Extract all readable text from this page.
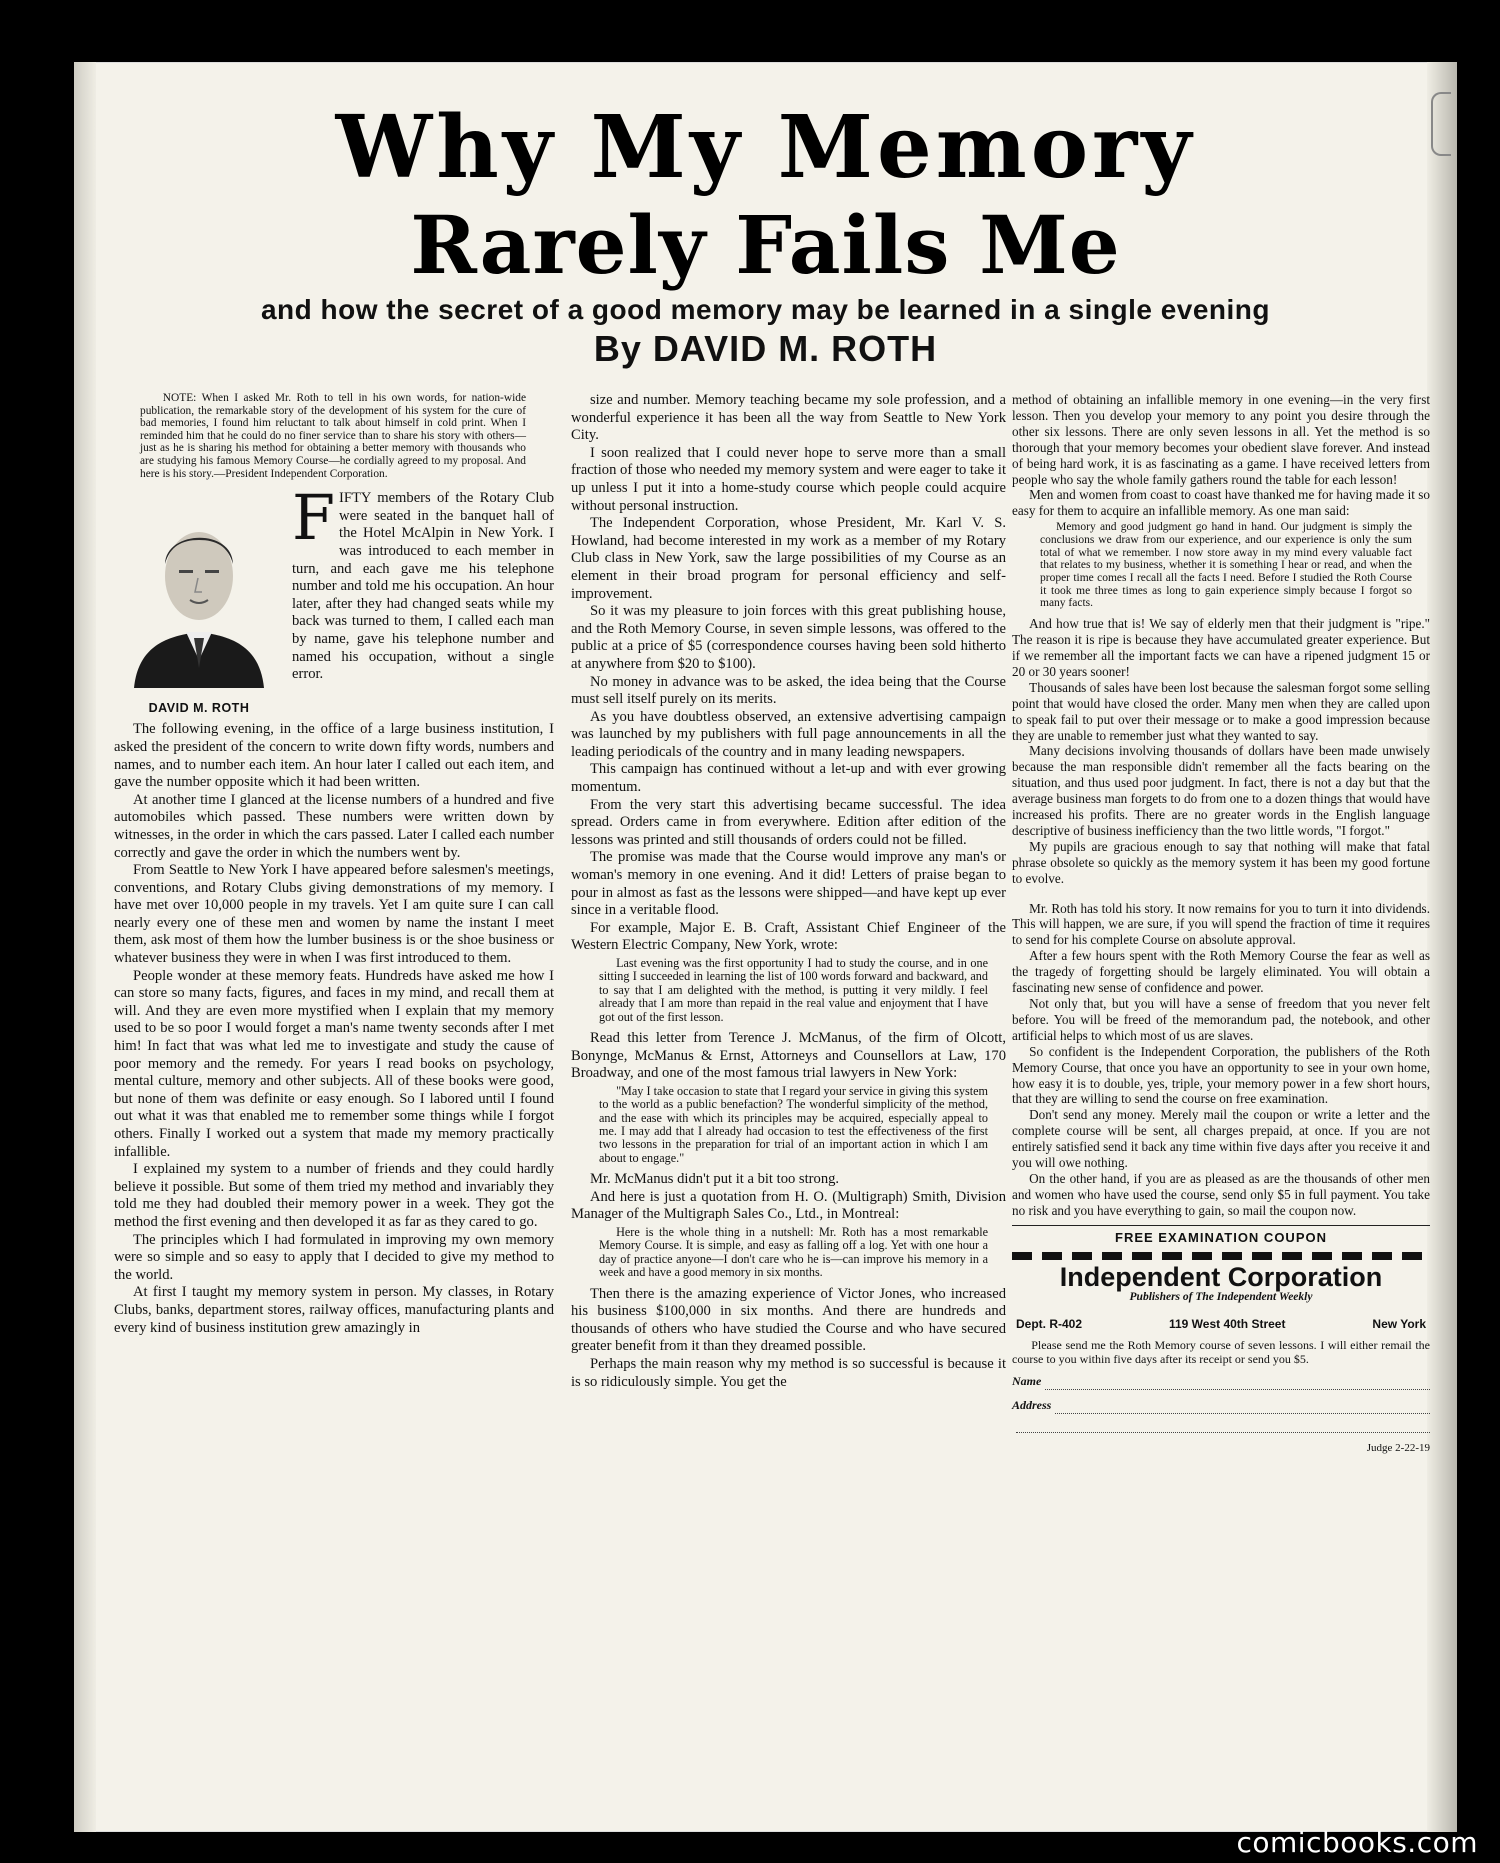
Why My Memory
Rarely Fails Me
and how the secret of a good memory may be learned in a single evening
By DAVID M. ROTH

NOTE: When I asked Mr. Roth to tell in his own words, for nation-wide publication, the remarkable story of the development of his system for the cure of bad memories, I found him reluctant to talk about himself in cold print. When I reminded him that he could do no finer service than to share his story with others—just as he is sharing his method for obtaining a better memory with thousands who are studying his famous Memory Course—he cordially agreed to my proposal. And here is his story.—President Independent Corporation.

DAVID M. ROTH

FIFTY members of the Rotary Club were seated in the banquet hall of the Hotel McAlpin in New York. I was introduced to each member in turn, and each gave me his telephone number and told me his occupation. An hour later, after they had changed seats while my back was turned to them, I called each man by name, gave his telephone number and named his occupation, without a single error.

The following evening, in the office of a large business institution, I asked the president of the concern to write down fifty words, numbers and names, and to number each item. An hour later I called out each item, and gave the number opposite which it had been written.

At another time I glanced at the license numbers of a hundred and five automobiles which passed. These numbers were written down by witnesses, in the order in which the cars passed. Later I called each number correctly and gave the order in which the numbers went by.

From Seattle to New York I have appeared before salesmen's meetings, conventions, and Rotary Clubs giving demonstrations of my memory. I have met over 10,000 people in my travels. Yet I am quite sure I can call nearly every one of these men and women by name the instant I meet them, ask most of them how the lumber business is or the shoe business or whatever business they were in when I was first introduced to them.

People wonder at these memory feats. Hundreds have asked me how I can store so many facts, figures, and faces in my mind, and recall them at will. And they are even more mystified when I explain that my memory used to be so poor I would forget a man's name twenty seconds after I met him! In fact that was what led me to investigate and study the cause of poor memory and the remedy. For years I read books on psychology, mental culture, memory and other subjects. All of these books were good, but none of them was definite or easy enough. So I labored until I found out what it was that enabled me to remember some things while I forgot others. Finally I worked out a system that made my memory practically infallible.

I explained my system to a number of friends and they could hardly believe it possible. But some of them tried my method and invariably they told me they had doubled their memory power in a week. They got the method the first evening and then developed it as far as they cared to go.

The principles which I had formulated in improving my own memory were so simple and so easy to apply that I decided to give my method to the world.

At first I taught my memory system in person. My classes, in Rotary Clubs, banks, department stores, railway offices, manufacturing plants and every kind of business institution grew amazingly in

size and number. Memory teaching became my sole profession, and a wonderful experience it has been all the way from Seattle to New York City.

I soon realized that I could never hope to serve more than a small fraction of those who needed my memory system and were eager to take it up unless I put it into a home-study course which people could acquire without personal instruction.

The Independent Corporation, whose President, Mr. Karl V. S. Howland, had become interested in my work as a member of my Rotary Club class in New York, saw the large possibilities of my Course as an element in their broad program for personal efficiency and self-improvement.

So it was my pleasure to join forces with this great publishing house, and the Roth Memory Course, in seven simple lessons, was offered to the public at a price of $5 (correspondence courses having been sold hitherto at anywhere from $20 to $100).

No money in advance was to be asked, the idea being that the Course must sell itself purely on its merits.

As you have doubtless observed, an extensive advertising campaign was launched by my publishers with full page announcements in all the leading periodicals of the country and in many leading newspapers.

This campaign has continued without a let-up and with ever growing momentum.

From the very start this advertising became successful. The idea spread. Orders came in from everywhere. Edition after edition of the lessons was printed and still thousands of orders could not be filled.

The promise was made that the Course would improve any man's or woman's memory in one evening. And it did! Letters of praise began to pour in almost as fast as the lessons were shipped—and have kept up ever since in a veritable flood.

For example, Major E. B. Craft, Assistant Chief Engineer of the Western Electric Company, New York, wrote:

Last evening was the first opportunity I had to study the course, and in one sitting I succeeded in learning the list of 100 words forward and backward, and to say that I am delighted with the method, is putting it very mildly. I feel already that I am more than repaid in the real value and enjoyment that I have got out of the first lesson.

Read this letter from Terence J. McManus, of the firm of Olcott, Bonynge, McManus & Ernst, Attorneys and Counsellors at Law, 170 Broadway, and one of the most famous trial lawyers in New York:

"May I take occasion to state that I regard your service in giving this system to the world as a public benefaction? The wonderful simplicity of the method, and the ease with which its principles may be acquired, especially appeal to me. I may add that I already had occasion to test the effectiveness of the first two lessons in the preparation for trial of an important action in which I am about to engage."

Mr. McManus didn't put it a bit too strong.

And here is just a quotation from H. O. (Multigraph) Smith, Division Manager of the Multigraph Sales Co., Ltd., in Montreal:

Here is the whole thing in a nutshell: Mr. Roth has a most remarkable Memory Course. It is simple, and easy as falling off a log. Yet with one hour a day of practice anyone—I don't care who he is—can improve his memory in a week and have a good memory in six months.

Then there is the amazing experience of Victor Jones, who increased his business $100,000 in six months. And there are hundreds and thousands of others who have studied the Course and who have secured greater benefit from it than they dreamed possible.

Perhaps the main reason why my method is so successful is because it is so ridiculously simple. You get the

method of obtaining an infallible memory in one evening—in the very first lesson. Then you develop your memory to any point you desire through the other six lessons. There are only seven lessons in all. Yet the method is so thorough that your memory becomes your obedient slave forever. And instead of being hard work, it is as fascinating as a game. I have received letters from people who say the whole family gathers round the table for each lesson!

Men and women from coast to coast have thanked me for having made it so easy for them to acquire an infallible memory. As one man said:

Memory and good judgment go hand in hand. Our judgment is simply the conclusions we draw from our experience, and our experience is only the sum total of what we remember. I now store away in my mind every valuable fact that relates to my business, whether it is something I hear or read, and when the proper time comes I recall all the facts I need. Before I studied the Roth Course it took me three times as long to gain experience simply because I forgot so many facts.

And how true that is! We say of elderly men that their judgment is "ripe." The reason it is ripe is because they have accumulated greater experience. But if we remember all the important facts we can have a ripened judgment 15 or 20 or 30 years sooner!

Thousands of sales have been lost because the salesman forgot some selling point that would have closed the order. Many men when they are called upon to speak fail to put over their message or to make a good impression because they are unable to remember just what they wanted to say.

Many decisions involving thousands of dollars have been made unwisely because the man responsible didn't remember all the facts bearing on the situation, and thus used poor judgment. In fact, there is not a day but that the average business man forgets to do from one to a dozen things that would have increased his profits. There are no greater words in the English language descriptive of business inefficiency than the two little words, "I forgot."

My pupils are gracious enough to say that nothing will make that fatal phrase obsolete so quickly as the memory system it has been my good fortune to evolve.

Mr. Roth has told his story. It now remains for you to turn it into dividends. This will happen, we are sure, if you will spend the fraction of time it requires to send for his complete Course on absolute approval.

After a few hours spent with the Roth Memory Course the fear as well as the tragedy of forgetting should be largely eliminated. You will obtain a fascinating new sense of confidence and power.

Not only that, but you will have a sense of freedom that you never felt before. You will be freed of the memorandum pad, the notebook, and other artificial helps to which most of us are slaves.

So confident is the Independent Corporation, the publishers of the Roth Memory Course, that once you have an opportunity to see in your own home, how easy it is to double, yes, triple, your memory power in a few short hours, that they are willing to send the course on free examination.

Don't send any money. Merely mail the coupon or write a letter and the complete course will be sent, all charges prepaid, at once. If you are not entirely satisfied send it back any time within five days after you receive it and you will owe nothing.

On the other hand, if you are as pleased as are the thousands of other men and women who have used the course, send only $5 in full payment. You take no risk and you have everything to gain, so mail the coupon now.

FREE EXAMINATION COUPON
Independent Corporation
Publishers of The Independent Weekly
Dept. R-402	119 West 40th Street	New York

Please send me the Roth Memory course of seven lessons. I will either remail the course to you within five days after its receipt or send you $5.

Name
Address
Judge 2-22-19
comicbooks.com
